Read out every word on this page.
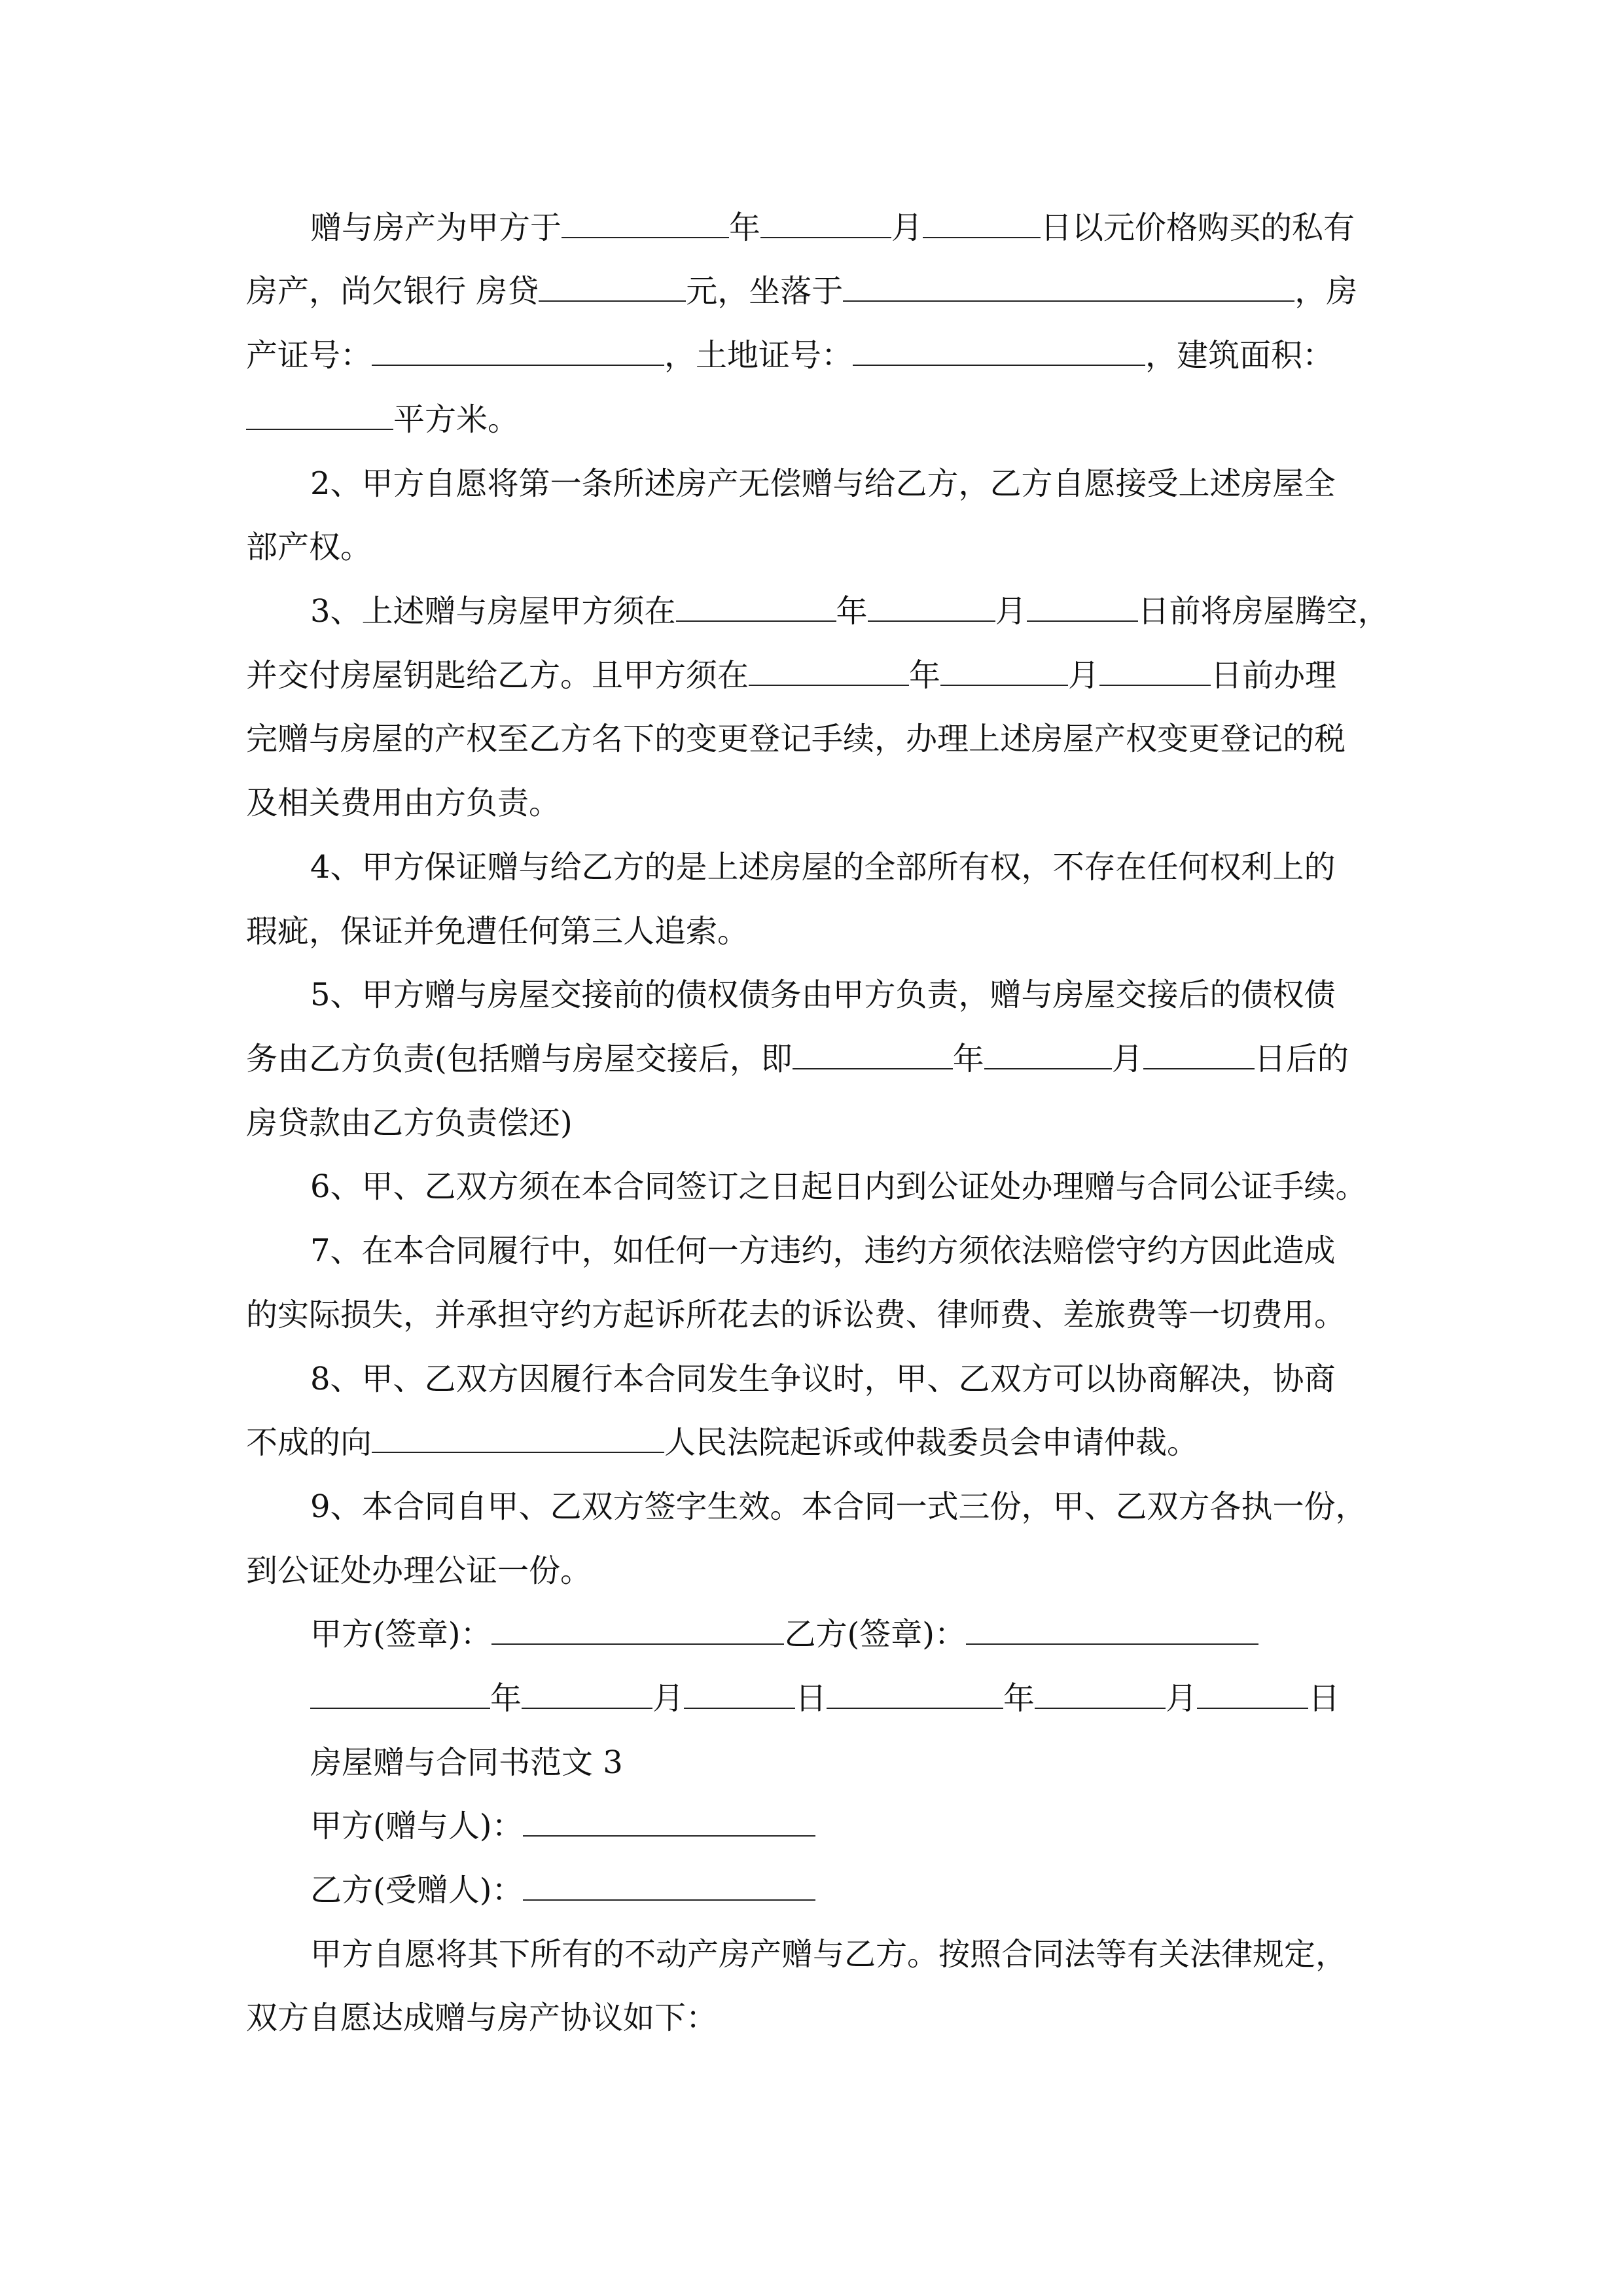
赠与房产为甲方于	年	月	日以元价格购买的私有
房产，尚欠银行 房贷	元，坐落于	，房
产证号：	，土地证号：	，建筑面积：
平方米。
2、甲方自愿将第一条所述房产无偿赠与给乙方，乙方自愿接受上述房屋全
部产权。
3、上述赠与房屋甲方须在	年	月	日前将房屋腾空，
并交付房屋钥匙给乙方。且甲方须在	年	月	日前办理
完赠与房屋的产权至乙方名下的变更登记手续，办理上述房屋产权变更登记的税
及相关费用由方负责。
4、甲方保证赠与给乙方的是上述房屋的全部所有权，不存在任何权利上的
瑕疵，保证并免遭任何第三人追索。
5、甲方赠与房屋交接前的债权债务由甲方负责，赠与房屋交接后的债权债
务由乙方负责(包括赠与房屋交接后，即	年	月	日后的
房贷款由乙方负责偿还)
6、甲、乙双方须在本合同签订之日起日内到公证处办理赠与合同公证手续。
7、在本合同履行中，如任何一方违约，违约方须依法赔偿守约方因此造成
的实际损失，并承担守约方起诉所花去的诉讼费、律师费、差旅费等一切费用。
8、甲、乙双方因履行本合同发生争议时，甲、乙双方可以协商解决，协商
不成的向	人民法院起诉或仲裁委员会申请仲裁。
9、本合同自甲、乙双方签字生效。本合同一式三份，甲、乙双方各执一份，
到公证处办理公证一份。
甲方(签章)：	乙方(签章)：
年	月	日	年	月	日
房屋赠与合同书范文 3
甲方(赠与人)：
乙方(受赠人)：
甲方自愿将其下所有的不动产房产赠与乙方。按照合同法等有关法律规定，
双方自愿达成赠与房产协议如下：
